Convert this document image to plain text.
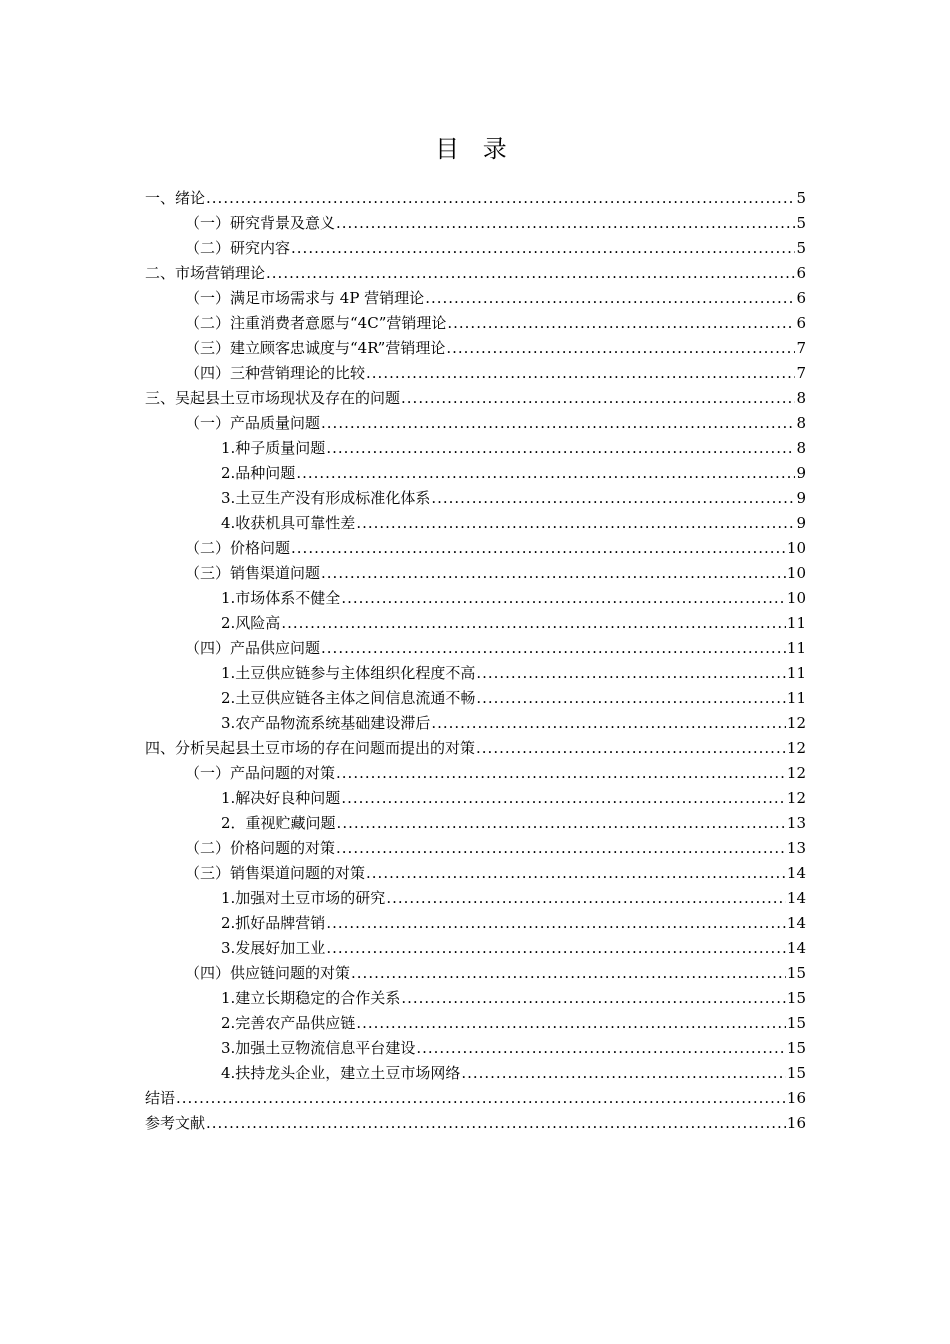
目 录
一、绪论 .....	5
（一）研究背景及意义 .....	5
（二）研究内容 .....	5
二、市场营销理论 .....	6
（一）满足市场需求与 4P 营销理论 .....	6
（二）注重消费者意愿与“4C”营销理论 .....	6
（三）建立顾客忠诚度与“4R”营销理论 .....	7
（四）三种营销理论的比较 .....	7
三、吴起县土豆市场现状及存在的问题 .....	8
（一）产品质量问题 .....	8
1.种子质量问题 .....	8
2.品种问题 .....	9
3.土豆生产没有形成标准化体系 .....	9
4.收获机具可靠性差 .....	9
（二）价格问题 .....	10
（三）销售渠道问题 .....	10
1.市场体系不健全 .....	10
2.风险高 .....	11
（四）产品供应问题 .....	11
1.土豆供应链参与主体组织化程度不高 .....	11
2.土豆供应链各主体之间信息流通不畅 .....	11
3.农产品物流系统基础建设滞后 .....	12
四、分析吴起县土豆市场的存在问题而提出的对策 .....	12
（一）产品问题的对策 .....	12
1.解决好良种问题 .....	12
2．重视贮藏问题 .....	13
（二）价格问题的对策 .....	13
（三）销售渠道问题的对策 .....	14
1.加强对土豆市场的研究 .....	14
2.抓好品牌营销 .....	14
3.发展好加工业 .....	14
（四）供应链问题的对策 .....	15
1.建立长期稳定的合作关系 .....	15
2.完善农产品供应链 .....	15
3.加强土豆物流信息平台建设 .....	15
4.扶持龙头企业，建立土豆市场网络 .....	15
结语 .....	16
参考文献 .....	16
